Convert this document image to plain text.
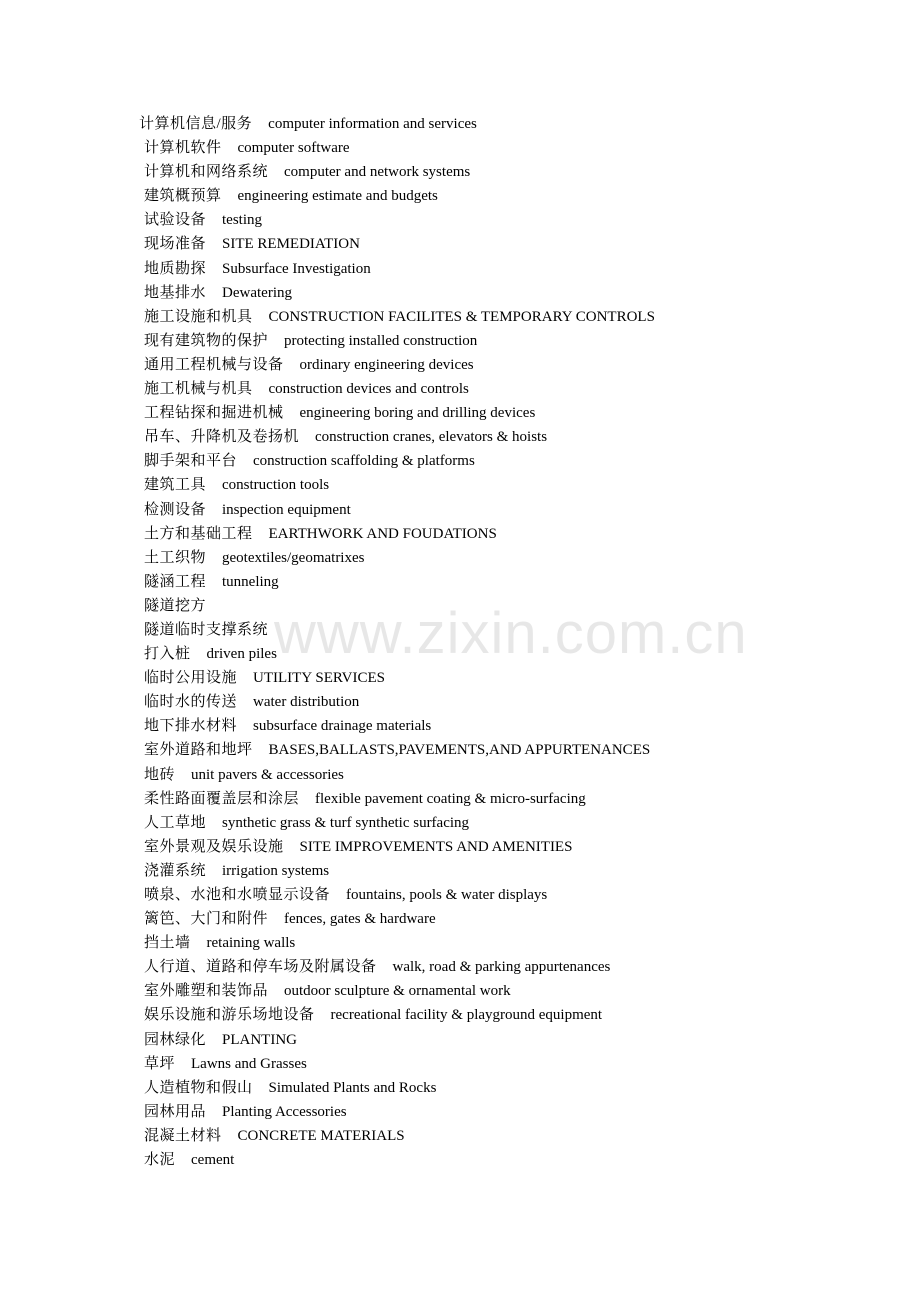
计算机信息/服务 computer information and services
计算机软件 computer software
计算机和网络系统 computer and network systems
建筑概预算 engineering estimate and budgets
试验设备 testing
现场准备 SITE REMEDIATION
地质勘探 Subsurface Investigation
地基排水 Dewatering
施工设施和机具 CONSTRUCTION FACILITES & TEMPORARY CONTROLS
现有建筑物的保护 protecting installed construction
通用工程机械与设备 ordinary engineering devices
施工机械与机具 construction devices and controls
工程钻探和掘进机械 engineering boring and drilling devices
吊车、升降机及卷扬机 construction cranes, elevators & hoists
脚手架和平台 construction scaffolding & platforms
建筑工具 construction tools
检测设备 inspection equipment
土方和基础工程 EARTHWORK AND FOUDATIONS
土工织物 geotextiles/geomatrixes
隧涵工程 tunneling
隧道挖方
隧道临时支撑系统
打入桩 driven piles
临时公用设施 UTILITY SERVICES
临时水的传送 water distribution
地下排水材料 subsurface drainage materials
室外道路和地坪 BASES,BALLASTS,PAVEMENTS,AND APPURTENANCES
地砖 unit pavers & accessories
柔性路面覆盖层和涂层 flexible pavement coating & micro-surfacing
人工草地 synthetic grass & turf synthetic surfacing
室外景观及娱乐设施 SITE IMPROVEMENTS AND AMENITIES
浇灌系统 irrigation systems
喷泉、水池和水喷显示设备 fountains, pools & water displays
篱笆、大门和附件 fences, gates & hardware
挡土墙 retaining walls
人行道、道路和停车场及附属设备 walk, road & parking appurtenances
室外雕塑和装饰品 outdoor sculpture & ornamental work
娱乐设施和游乐场地设备 recreational facility & playground equipment
园林绿化 PLANTING
草坪 Lawns and Grasses
人造植物和假山 Simulated Plants and Rocks
园林用品 Planting Accessories
混凝土材料 CONCRETE MATERIALS
水泥 cement
www.zixin.com.cn
